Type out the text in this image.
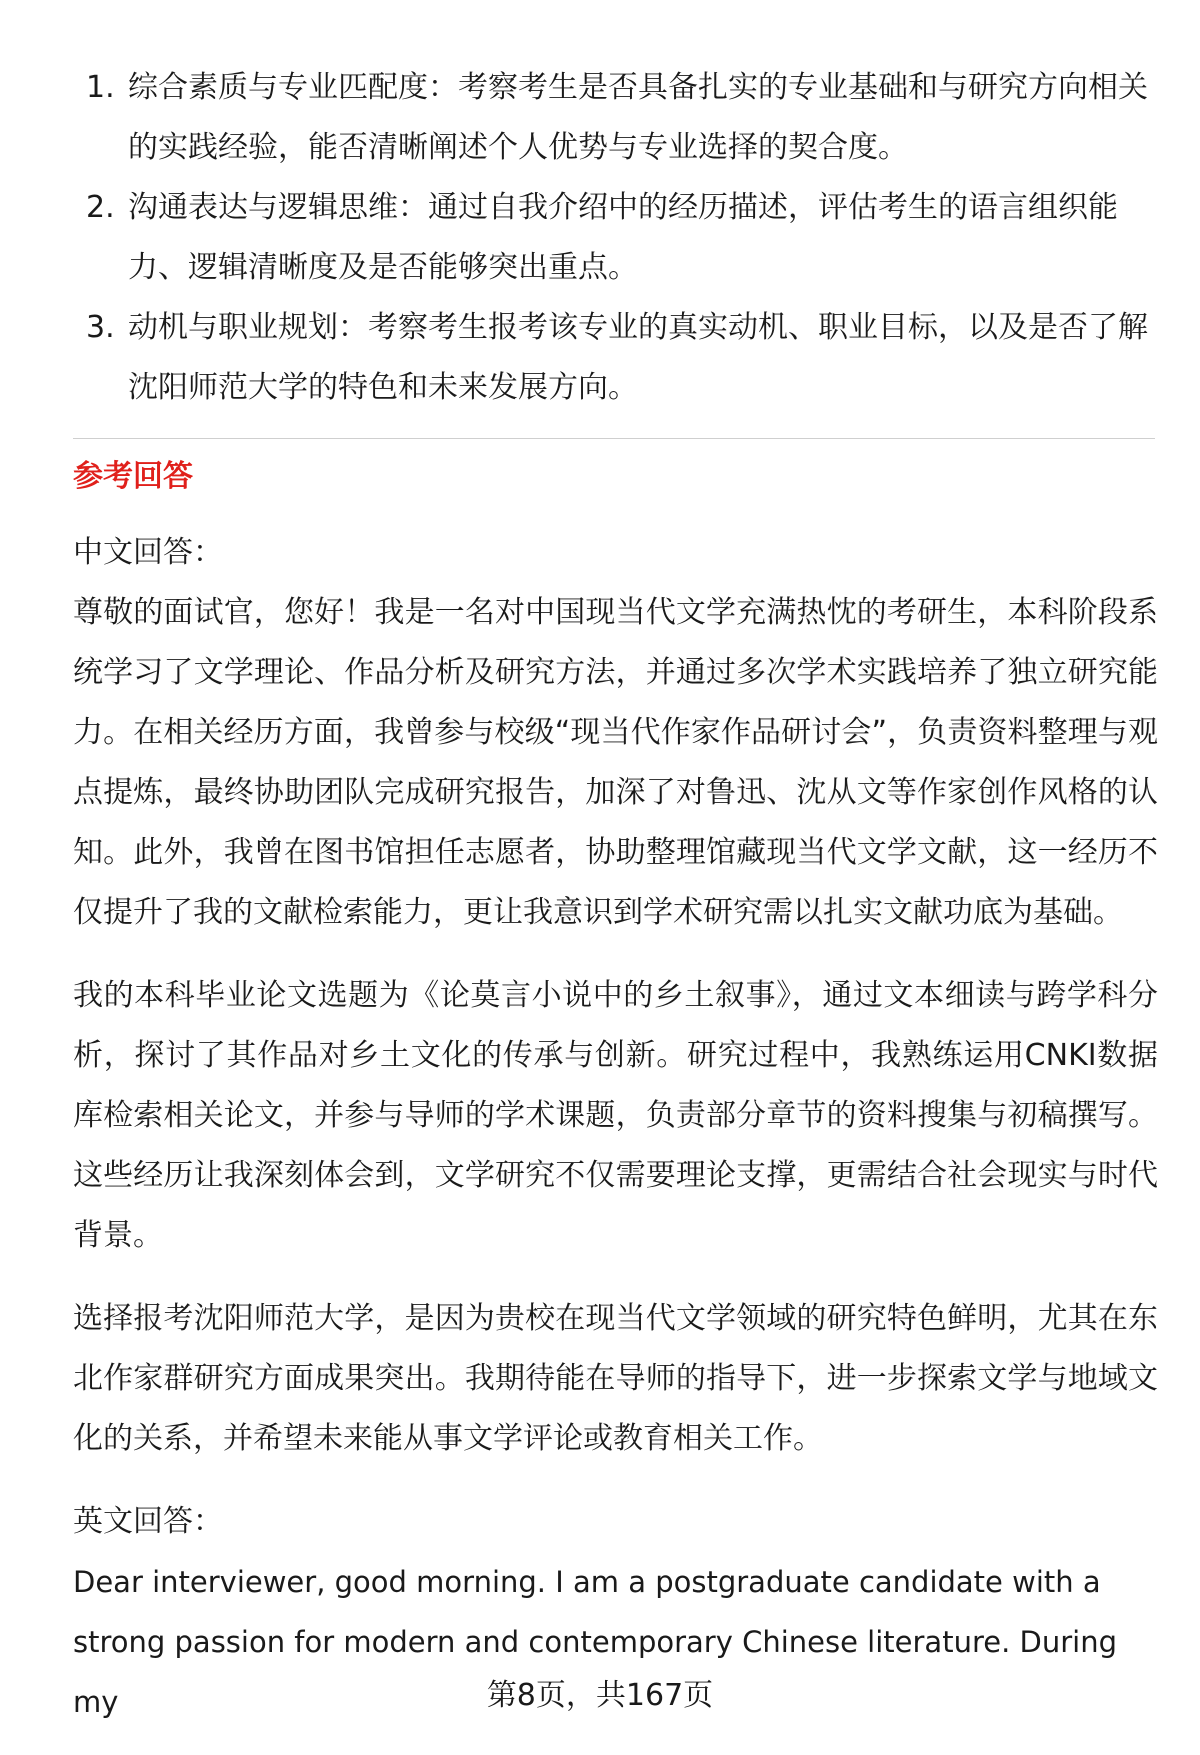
1. 综合素质与专业匹配度：考察考生是否具备扎实的专业基础和与研究方向相关的实践经验，能否清晰阐述个人优势与专业选择的契合度。
2. 沟通表达与逻辑思维：通过自我介绍中的经历描述，评估考生的语言组织能力、逻辑清晰度及是否能够突出重点。
3. 动机与职业规划：考察考生报考该专业的真实动机、职业目标，以及是否了解沈阳师范大学的特色和未来发展方向。
参考回答
中文回答：

尊敬的面试官，您好！我是一名对中国现当代文学充满热忱的考研生，本科阶段系统学习了文学理论、作品分析及研究方法，并通过多次学术实践培养了独立研究能力。在相关经历方面，我曾参与校级“现当代作家作品研讨会”，负责资料整理与观点提炼，最终协助团队完成研究报告，加深了对鲁迅、沈从文等作家创作风格的认知。此外，我曾在图书馆担任志愿者，协助整理馆藏现当代文学文献，这一经历不仅提升了我的文献检索能力，更让我意识到学术研究需以扎实文献功底为基础。

我的本科毕业论文选题为《论莫言小说中的乡土叙事》，通过文本细读与跨学科分析，探讨了其作品对乡土文化的传承与创新。研究过程中，我熟练运用CNKI数据库检索相关论文，并参与导师的学术课题，负责部分章节的资料搜集与初稿撰写。这些经历让我深刻体会到，文学研究不仅需要理论支撑，更需结合社会现实与时代背景。

选择报考沈阳师范大学，是因为贵校在现当代文学领域的研究特色鲜明，尤其在东北作家群研究方面成果突出。我期待能在导师的指导下，进一步探索文学与地域文化的关系，并希望未来能从事文学评论或教育相关工作。

英文回答：

Dear interviewer, good morning. I am a postgraduate candidate with a

strong passion for modern and contemporary Chinese literature. During my	第8页，共167页
